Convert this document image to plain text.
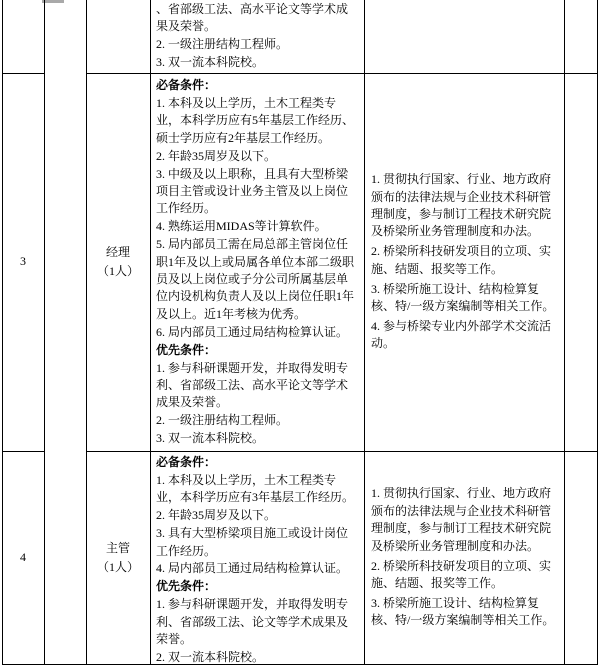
、省部级工法、高水平论文等学术成果及荣誉。

2. 一级注册结构工程师。

3. 双一流本科院校。

3
经理
（1人）

必备条件：

1. 本科及以上学历，土木工程类专业，本科学历应有5年基层工作经历、硕士学历应有2年基层工作经历。

2. 年龄35周岁及以下。

3. 中级及以上职称，且具有大型桥梁项目主管或设计业务主管及以上岗位工作经历。

4. 熟练运用MIDAS等计算软件。

5. 局内部员工需在局总部主管岗位任职1年及以上或局属各单位本部二级职员及以上岗位或子分公司所属基层单位内设机构负责人及以上岗位任职1年及以上。近1年考核为优秀。

6. 局内部员工通过局结构检算认证。

优先条件：

1. 参与科研课题开发，并取得发明专利、省部级工法、高水平论文等学术成果及荣誉。

2. 一级注册结构工程师。

3. 双一流本科院校。

1. 贯彻执行国家、行业、地方政府颁布的法律法规与企业技术科研管理制度，参与制订工程技术研究院及桥梁所业务管理制度和办法。

2. 桥梁所科技研发项目的立项、实施、结题、报奖等工作。

3. 桥梁所施工设计、结构检算复核、特/一级方案编制等相关工作。

4. 参与桥梁专业内外部学术交流活动。

4
主管
（1人）

必备条件：

1. 本科及以上学历，土木工程类专业，本科学历应有3年基层工作经历。

2. 年龄35周岁及以下。

3. 具有大型桥梁项目施工或设计岗位工作经历。

4. 局内部员工通过局结构检算认证。

优先条件：

1. 参与科研课题开发，并取得发明专利、省部级工法、论文等学术成果及荣誉。

2. 双一流本科院校。

1. 贯彻执行国家、行业、地方政府颁布的法律法规与企业技术科研管理制度，参与制订工程技术研究院及桥梁所业务管理制度和办法。

2. 桥梁所科技研发项目的立项、实施、结题、报奖等工作。

3. 桥梁所施工设计、结构检算复核、特/一级方案编制等相关工作。
